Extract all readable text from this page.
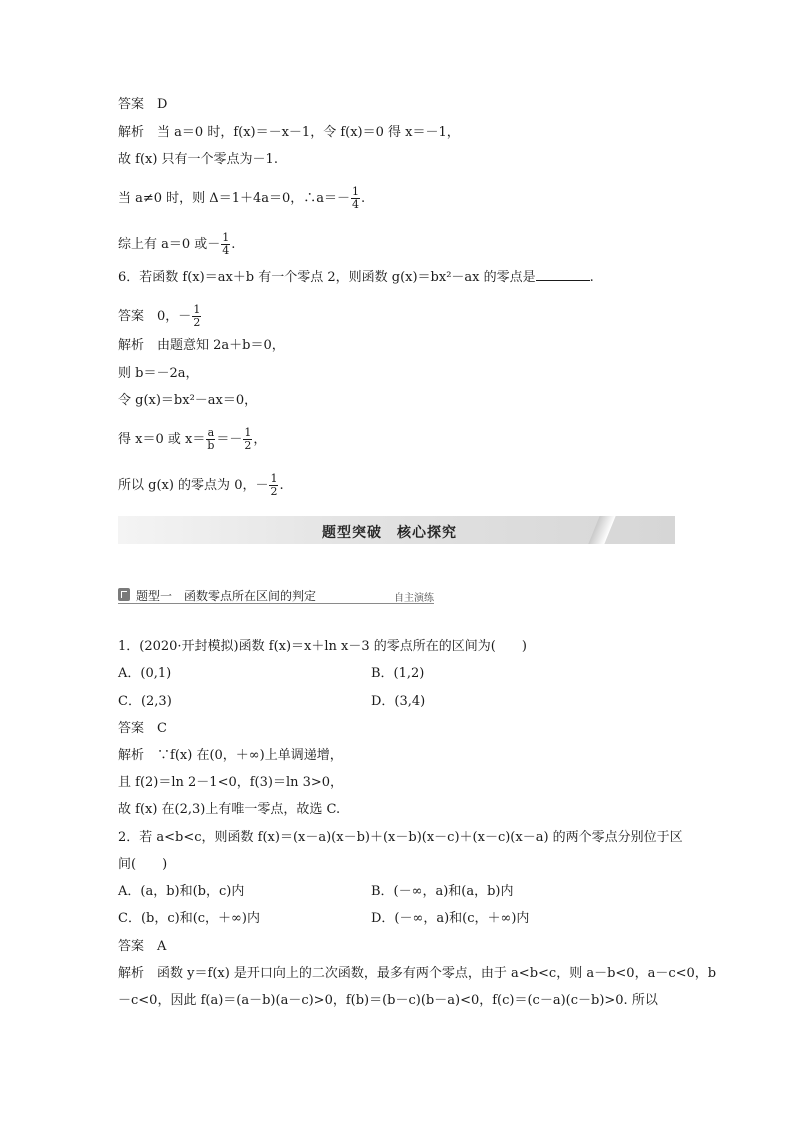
答案　 D
解析　 当 a＝0 时，f(x)＝－x－1，令 f(x)＝0 得 x＝－1，
故 f(x) 只有一个零点为－1.
当 a≠0 时，则 Δ＝1＋4a＝0，∴a＝－ $\frac{1}{4}$ .
综上有 a＝0 或－ $\frac{1}{4}$ .
6．若函数 f(x)＝ax＋b 有一个零点 2，则函数 g(x)＝bx²－ax 的零点是	.
答案　 0，－ $\frac{1}{2}$
解析　 由题意知 2a＋b＝0，
则 b＝－2a，
令 g(x)＝bx²－ax＝0，
得 x＝0 或 $x= \frac{a}{b} =- \frac{1}{2}$ ，
所以 g(x) 的零点为 0，－ $\frac{1}{2}$ .
题型突破　核心探究
题型一　函数零点所在区间的判定	自主演练
1．(2020·开封模拟)函数 f(x)＝x＋ln x－3 的零点所在的区间为(　　)
A．(0,1)	B．(1,2)
C．(2,3)	D．(3,4)
答案　 C
解析　 ∵f(x) 在(0，＋∞)上单调递增，
且 f(2)＝ln 2－1<0，f(3)＝ln 3>0，
故 f(x) 在(2,3)上有唯一零点，故选 C.
2．若 a<b<c，则函数 f(x)＝(x－a)(x－b)＋(x－b)(x－c)＋(x－c)(x－a) 的两个零点分别位于区
间(　　)
A．(a，b)和(b，c)内	B．(－∞，a)和(a，b)内
C．(b，c)和(c，＋∞)内	D．(－∞，a)和(c，＋∞)内
答案　 A
解析　 函数 y＝f(x) 是开口向上的二次函数，最多有两个零点，由于 a<b<c，则 a－b<0，a－c<0，b
－c<0，因此 f(a)＝(a－b)(a－c)>0，f(b)＝(b－c)(b－a)<0，f(c)＝(c－a)(c－b)>0. 所以
